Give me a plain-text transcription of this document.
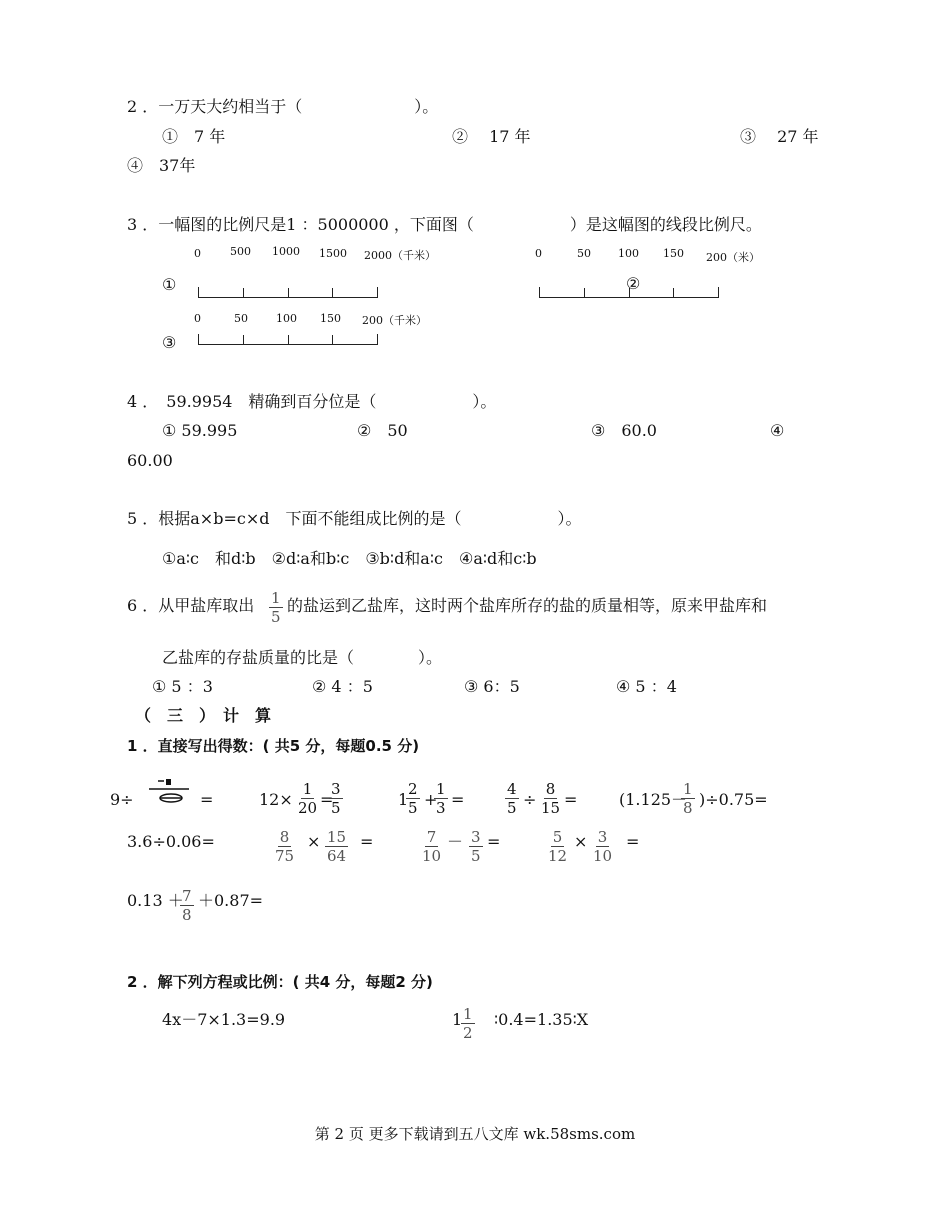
2 ．一万天大约相当于（　　　　　　　）。
①　7 年	②　 17 年	③　 27 年
④　37年
3 ．一幅图的比例尺是1 ：5000000 ，下面图（　　　　　　）是这幅图的线段比例尺。
0	500 1000 1500 2000（千米）
①
0	50 100 150 200（米）
②
0	50	100 150 200（千米）
③
4 ．　59.9954　精确到百分位是（　　　　　　）。
① 59.995	②　50	③　60.0	④
60.00
5 ．根据a×b=c×d　下面不能组成比例的是（　　　　　　）。
①a∶c　和d∶b　②d∶a和b∶c　③b∶d和a∶c　④a∶d和c∶b
6 ．从甲盐库取出 $\frac{1}{5}$ 的盐运到乙盐库，这时两个盐库所存的盐的质量相等，原来甲盐库和
乙盐库的存盐质量的比是（　　　　）。
① 5 ：3	② 4 ：5	③ 6：5	④ 5 ：4
（　三　）　计　算
1 ．直接写出得数：( 共5 分，每题0.5 分)
9÷	=	$12\times \frac{1}{20}$ =
$\frac{3}{5}$	1
$\frac{2}{5}$ +
$\frac{1}{3}$ =	$\frac{4}{5} \div \frac{8}{15}$ =	(1.125－
$\frac{1}{8} )\div 0.75=$
3.6÷0.06=	$\frac{8}{75} \times \frac{15}{64}$ =	$\frac{7}{10} - \frac{3}{5}$ =	$\frac{5}{12} \times \frac{3}{10}$ =
0.13 ＋
$\frac{7}{8} +0.87=$
2 ．解下列方程或比例：( 共4 分，每题2 分)
4x－7×1.3=9.9	1
$\frac{1}{2}$ ∶0.4=1.35∶X
第 2 页 更多下载请到五八文库 wk.58sms.com
